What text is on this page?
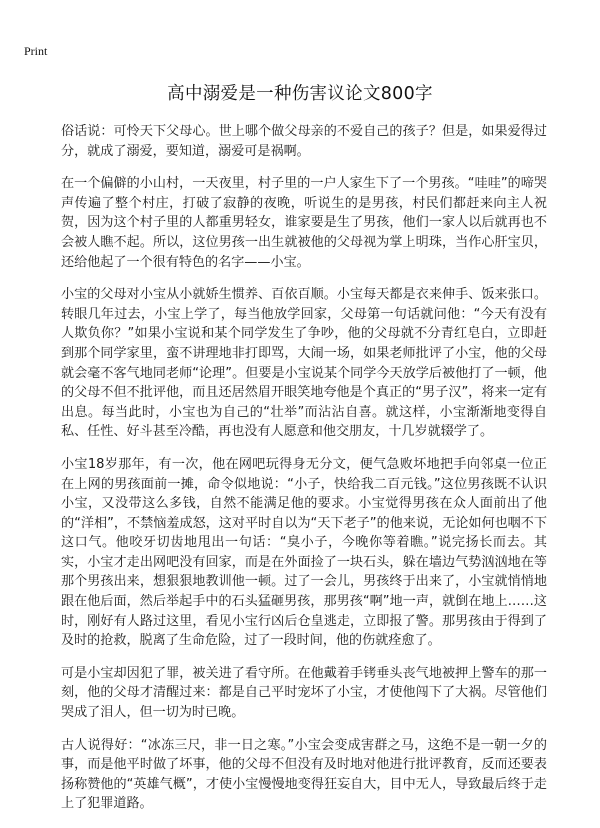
Print
高中溺爱是一种伤害议论文800字

俗话说：可怜天下父母心。世上哪个做父母亲的不爱自己的孩子？但是，如果爱得过分，就成了溺爱，要知道，溺爱可是祸啊。

在一个偏僻的小山村，一天夜里，村子里的一户人家生下了一个男孩。“哇哇”的啼哭声传遍了整个村庄，打破了寂静的夜晚，听说生的是男孩，村民们都赶来向主人祝贺，因为这个村子里的人都重男轻女，谁家要是生了男孩，他们一家人以后就再也不会被人瞧不起。所以，这位男孩一出生就被他的父母视为掌上明珠，当作心肝宝贝，还给他起了一个很有特色的名字——小宝。

小宝的父母对小宝从小就娇生惯养、百依百顺。小宝每天都是衣来伸手、饭来张口。转眼几年过去，小宝上学了，每当他放学回家，父母第一句话就问他：“今天有没有人欺负你？”如果小宝说和某个同学发生了争吵，他的父母就不分青红皂白，立即赶到那个同学家里，蛮不讲理地非打即骂，大闹一场，如果老师批评了小宝，他的父母就会毫不客气地同老师“论理”。但要是小宝说某个同学今天放学后被他打了一顿，他的父母不但不批评他，而且还居然眉开眼笑地夸他是个真正的“男子汉”，将来一定有出息。每当此时，小宝也为自己的“壮举”而沾沾自喜。就这样，小宝渐渐地变得自私、任性、好斗甚至冷酷，再也没有人愿意和他交朋友，十几岁就辍学了。

小宝18岁那年，有一次，他在网吧玩得身无分文，便气急败坏地把手向邻桌一位正在上网的男孩面前一摊，命令似地说：“小子，快给我二百元钱。”这位男孩既不认识小宝，又没带这么多钱，自然不能满足他的要求。小宝觉得男孩在众人面前出了他的“洋相”，不禁恼羞成怒，这对平时自以为“天下老子”的他来说，无论如何也咽不下这口气。他咬牙切齿地甩出一句话：“臭小子，今晚你等着瞧。”说完扬长而去。其实，小宝才走出网吧没有回家，而是在外面捡了一块石头，躲在墙边气势汹汹地在等那个男孩出来，想狠狠地教训他一顿。过了一会儿，男孩终于出来了，小宝就悄悄地跟在他后面，然后举起手中的石头猛砸男孩，那男孩“啊”地一声，就倒在地上……这时，刚好有人路过这里，看见小宝行凶后仓皇逃走，立即报了警。那男孩由于得到了及时的抢救，脱离了生命危险，过了一段时间，他的伤就痊愈了。

可是小宝却因犯了罪，被关进了看守所。在他戴着手铐垂头丧气地被押上警车的那一刻，他的父母才清醒过来：都是自己平时宠坏了小宝，才使他闯下了大祸。尽管他们哭成了泪人，但一切为时已晚。

古人说得好：“冰冻三尺，非一日之寒。”小宝会变成害群之马，这绝不是一朝一夕的事，而是他平时做了坏事，他的父母不但没有及时地对他进行批评教育，反而还要表扬称赞他的“英雄气概”，才使小宝慢慢地变得狂妄自大，目中无人，导致最后终于走上了犯罪道路。
